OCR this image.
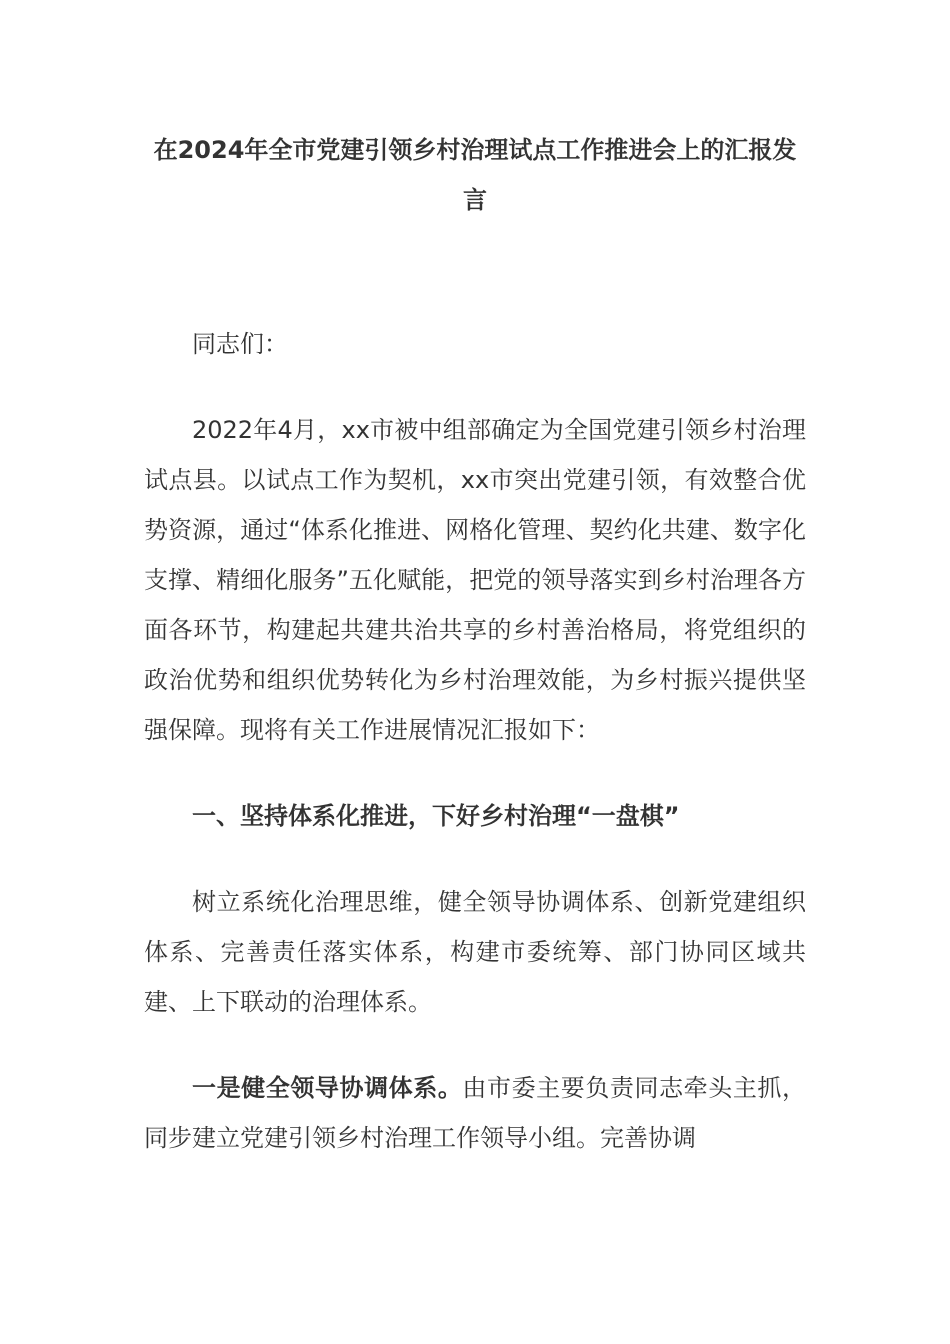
在2024年全市党建引领乡村治理试点工作推进会上的汇报发言

同志们：

2022年4月，xx市被中组部确定为全国党建引领乡村治理试点县。以试点工作为契机，xx市突出党建引领，有效整合优势资源，通过“体系化推进、网格化管理、契约化共建、数字化支撑、精细化服务”五化赋能，把党的领导落实到乡村治理各方面各环节，构建起共建共治共享的乡村善治格局，将党组织的政治优势和组织优势转化为乡村治理效能，为乡村振兴提供坚强保障。现将有关工作进展情况汇报如下：

一、坚持体系化推进，下好乡村治理“一盘棋”

树立系统化治理思维，健全领导协调体系、创新党建组织体系、完善责任落实体系，构建市委统筹、部门协同区域共建、上下联动的治理体系。

一是健全领导协调体系。由市委主要负责同志牵头主抓，同步建立党建引领乡村治理工作领导小组。完善协调
